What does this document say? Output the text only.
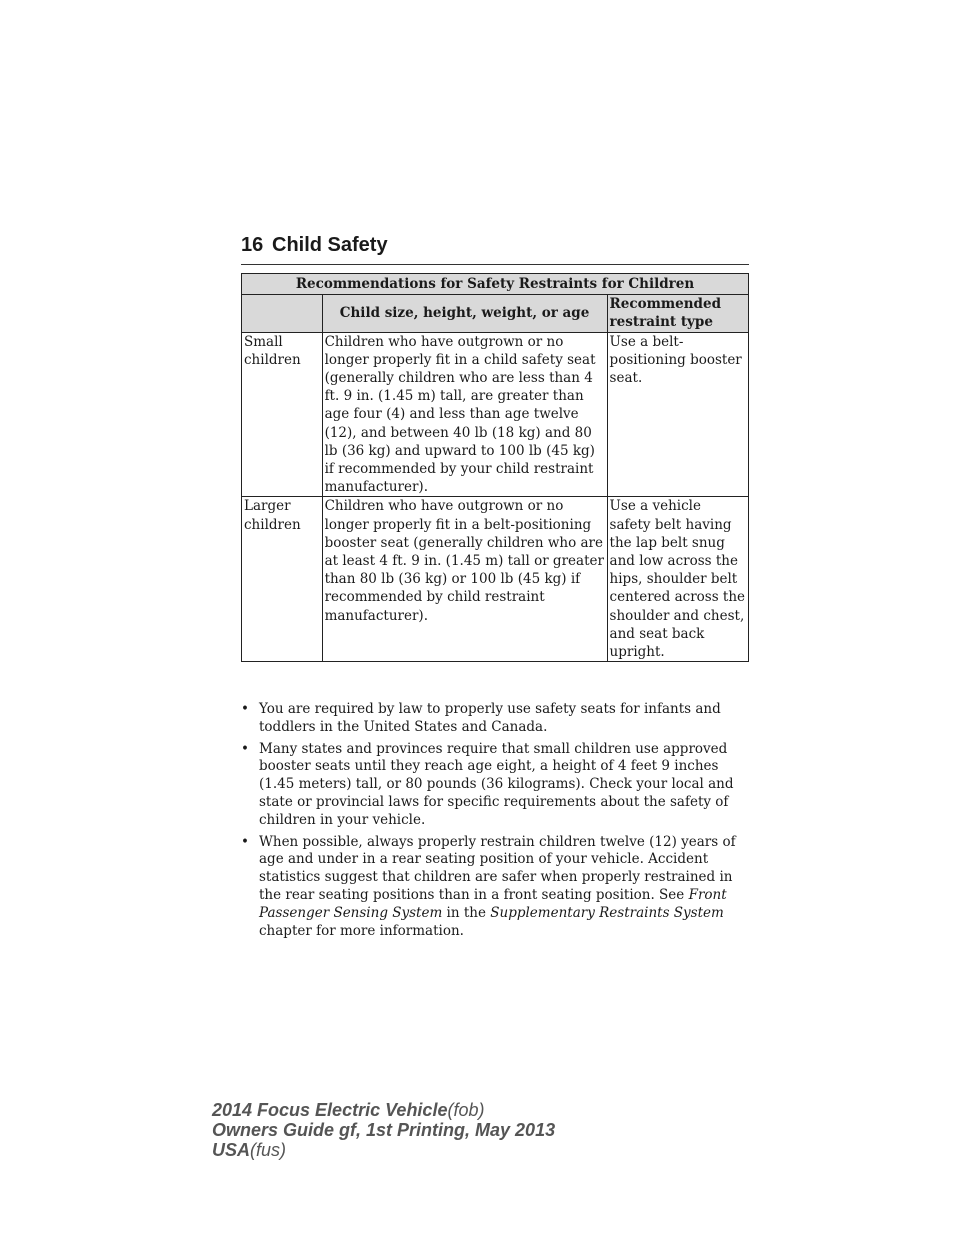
16 Child Safety
Recommendations for Safety Restraints for Children		
	Child size, height, weight, or age	Recommended restraint type
Small children	Children who have outgrown or no longer properly fit in a child safety seat (generally children who are less than 4 ft. 9 in. (1.45 m) tall, are greater than age four (4) and less than age twelve (12), and between 40 lb (18 kg) and 80 lb (36 kg) and upward to 100 lb (45 kg) if recommended by your child restraint manufacturer).	Use a belt-positioning booster seat.
Larger children	Children who have outgrown or no longer properly fit in a belt-positioning booster seat (generally children who are at least 4 ft. 9 in. (1.45 m) tall or greater than 80 lb (36 kg) or 100 lb (45 kg) if recommended by child restraint manufacturer).	Use a vehicle safety belt having the lap belt snug and low across the hips, shoulder belt centered across the shoulder and chest, and seat back upright.
• You are required by law to properly use safety seats for infants and toddlers in the United States and Canada.
• Many states and provinces require that small children use approved booster seats until they reach age eight, a height of 4 feet 9 inches (1.45 meters) tall, or 80 pounds (36 kilograms). Check your local and state or provincial laws for specific requirements about the safety of children in your vehicle.
• When possible, always properly restrain children twelve (12) years of age and under in a rear seating position of your vehicle. Accident statistics suggest that children are safer when properly restrained in the rear seating positions than in a front seating position. See Front Passenger Sensing System in the Supplementary Restraints System chapter for more information.
2014 Focus Electric Vehicle(fob)
Owners Guide gf, 1st Printing, May 2013
USA(fus)
